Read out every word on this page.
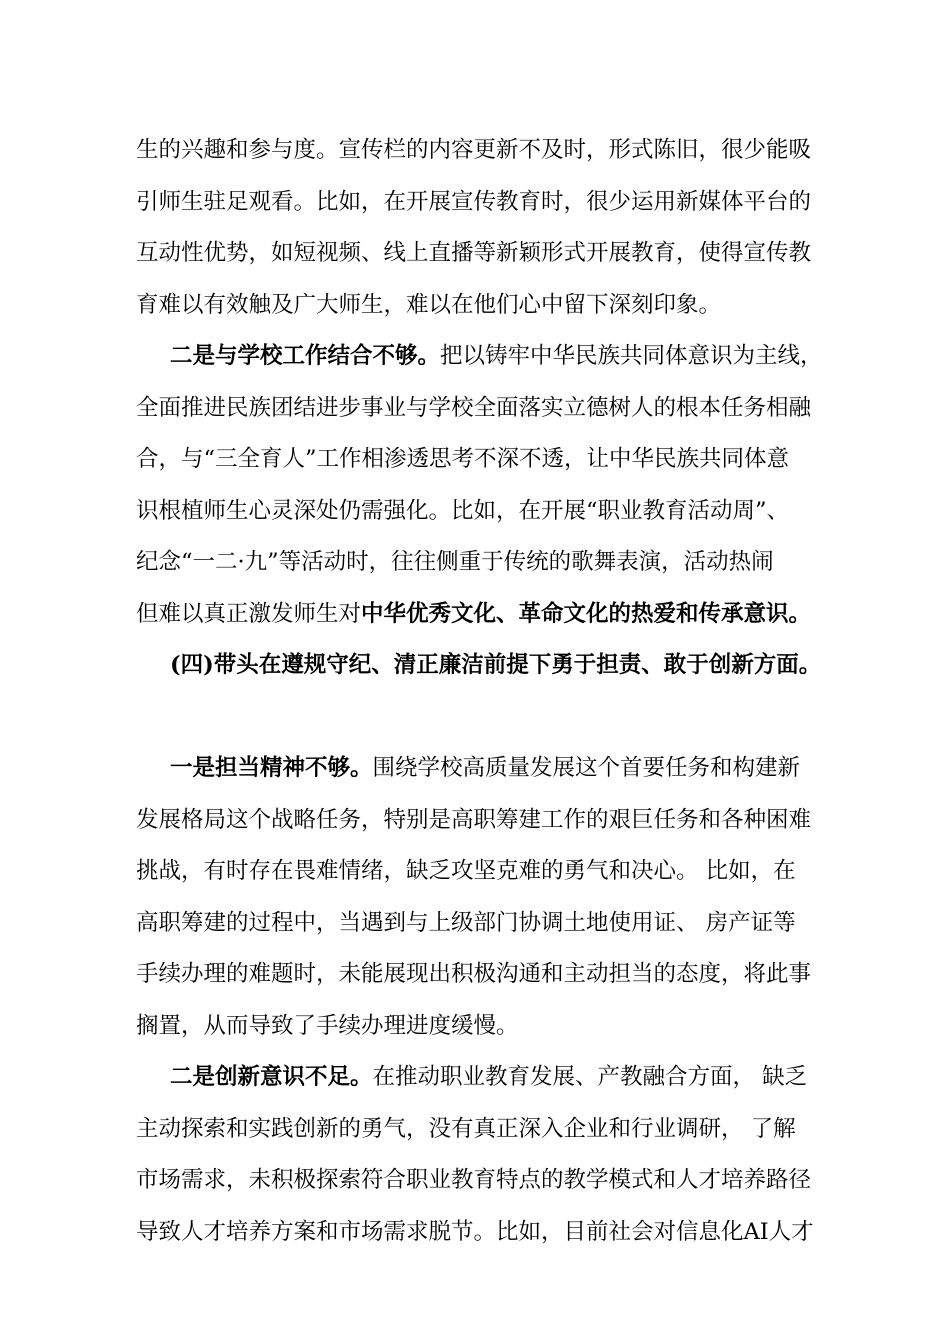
生的兴趣和参与度。宣传栏的内容更新不及时，形式陈旧，很少能吸
引师生驻足观看。比如，在开展宣传教育时，很少运用新媒体平台的
互动性优势，如短视频、线上直播等新颖形式开展教育，使得宣传教
育难以有效触及广大师生，难以在他们心中留下深刻印象。
二是与学校工作结合不够。把以铸牢中华民族共同体意识为主线，
全面推进民族团结进步事业与学校全面落实立德树人的根本任务相融
合，与“三全育人”工作相渗透思考不深不透，让中华民族共同体意
识根植师生心灵深处仍需强化。比如，在开展“职业教育活动周”、
纪念“一二·九”等活动时，往往侧重于传统的歌舞表演，活动热闹
但难以真正激发师生对中华优秀文化、革命文化的热爱和传承意识。
(四)带头在遵规守纪、清正廉洁前提下勇于担责、敢于创新方面。
一是担当精神不够。围绕学校高质量发展这个首要任务和构建新
发展格局这个战略任务，特别是高职筹建工作的艰巨任务和各种困难
挑战，有时存在畏难情绪，缺乏攻坚克难的勇气和决心。 比如，在
高职筹建的过程中，当遇到与上级部门协调土地使用证、 房产证等
手续办理的难题时，未能展现出积极沟通和主动担当的态度，将此事
搁置，从而导致了手续办理进度缓慢。
二是创新意识不足。在推动职业教育发展、产教融合方面， 缺乏
主动探索和实践创新的勇气，没有真正深入企业和行业调研， 了解
市场需求，未积极探索符合职业教育特点的教学模式和人才培养路径
导致人才培养方案和市场需求脱节。比如，目前社会对信息化AI人才
